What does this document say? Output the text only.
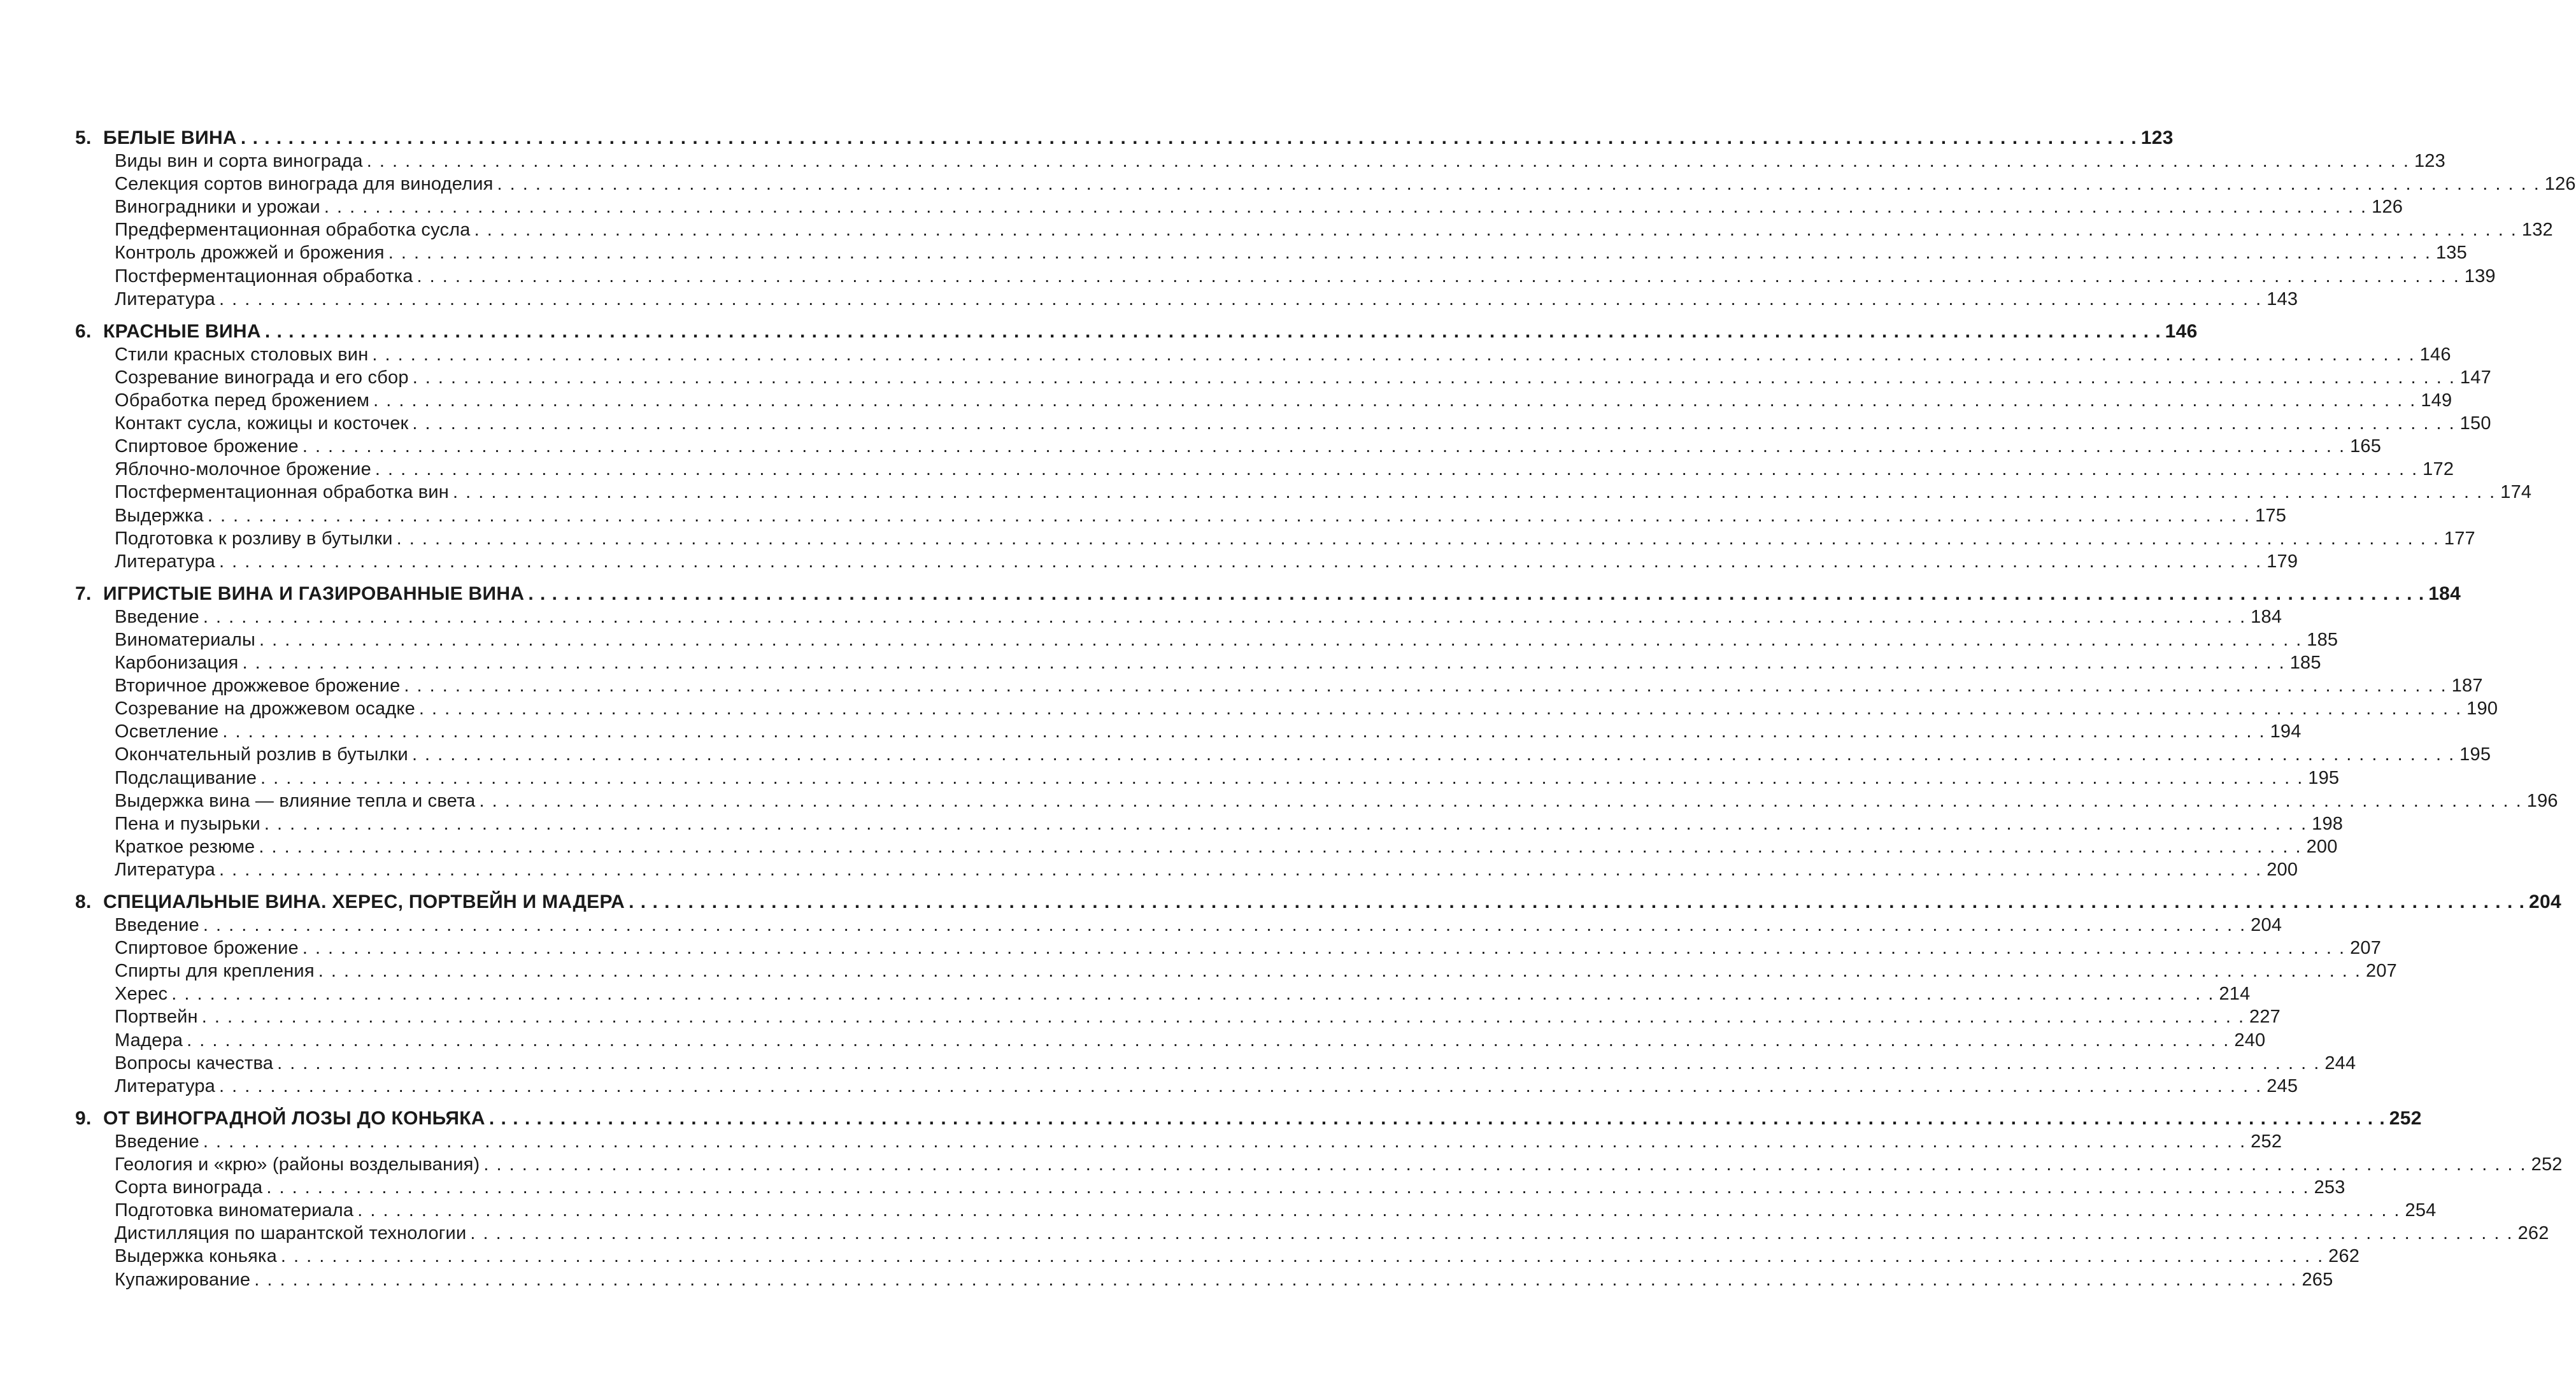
5. БЕЛЫЕ ВИНА . . . . . . . . . . . . . . . . . . . . . . . . . . . . . . . . . . . . . . . . . . . . . . . . . . . . . . . . . . . . . . . . . . . . . . . . . . . . . . . . . . . . . . . . . . . . . . . . . . . . . . . . . . . . . . . . . . . . . . . . . . . . . . . . . . . . . . . . . . . . . . . . . . . . . . . . . . . . . . . . 123
Виды вин и сорта винограда . . . . . . . . . . . . . . . . . . . . . . . . . . . . . . . . . . . . . . . . . . . . . . . . . . . . . . . . . . . . . . . . . . . . . . . . . . . . . . . . . . . . . . . . . . . . . . . . . . . . . . . . . . . . . . . . . . . . . . . . . . . . . . . . . . . . . . . . . . . . . . . . . . . . . . . . . . . . . . . . 123
Селекция сортов винограда для виноделия . . . . . . . . . . . . . . . . . . . . . . . . . . . . . . . . . . . . . . . . . . . . . . . . . . . . . . . . . . . . . . . . . . . . . . . . . . . . . . . . . . . . . . . . . . . . . . . . . . . . . . . . . . . . . . . . . . . . . . . . . . . . . . . . . . . . . . . . . . . . . . . . . . . . . . . . . . . . . . . . 126
Виноградники и урожаи . . . . . . . . . . . . . . . . . . . . . . . . . . . . . . . . . . . . . . . . . . . . . . . . . . . . . . . . . . . . . . . . . . . . . . . . . . . . . . . . . . . . . . . . . . . . . . . . . . . . . . . . . . . . . . . . . . . . . . . . . . . . . . . . . . . . . . . . . . . . . . . . . . . . . . . . . . . . . . . . 126
Предферментационная обработка сусла . . . . . . . . . . . . . . . . . . . . . . . . . . . . . . . . . . . . . . . . . . . . . . . . . . . . . . . . . . . . . . . . . . . . . . . . . . . . . . . . . . . . . . . . . . . . . . . . . . . . . . . . . . . . . . . . . . . . . . . . . . . . . . . . . . . . . . . . . . . . . . . . . . . . . . . . . . . . . . . . 132
Контроль дрожжей и брожения . . . . . . . . . . . . . . . . . . . . . . . . . . . . . . . . . . . . . . . . . . . . . . . . . . . . . . . . . . . . . . . . . . . . . . . . . . . . . . . . . . . . . . . . . . . . . . . . . . . . . . . . . . . . . . . . . . . . . . . . . . . . . . . . . . . . . . . . . . . . . . . . . . . . . . . . . . . . . . . . 135
Постферментационная обработка . . . . . . . . . . . . . . . . . . . . . . . . . . . . . . . . . . . . . . . . . . . . . . . . . . . . . . . . . . . . . . . . . . . . . . . . . . . . . . . . . . . . . . . . . . . . . . . . . . . . . . . . . . . . . . . . . . . . . . . . . . . . . . . . . . . . . . . . . . . . . . . . . . . . . . . . . . . . . . . . 139
Литература . . . . . . . . . . . . . . . . . . . . . . . . . . . . . . . . . . . . . . . . . . . . . . . . . . . . . . . . . . . . . . . . . . . . . . . . . . . . . . . . . . . . . . . . . . . . . . . . . . . . . . . . . . . . . . . . . . . . . . . . . . . . . . . . . . . . . . . . . . . . . . . . . . . . . . . . . . . . . . . . 143
6. КРАСНЫЕ ВИНА . . . . . . . . . . . . . . . . . . . . . . . . . . . . . . . . . . . . . . . . . . . . . . . . . . . . . . . . . . . . . . . . . . . . . . . . . . . . . . . . . . . . . . . . . . . . . . . . . . . . . . . . . . . . . . . . . . . . . . . . . . . . . . . . . . . . . . . . . . . . . . . . . . . . . . . . . . . . . . . . 146
Стили красных столовых вин . . . . . . . . . . . . . . . . . . . . . . . . . . . . . . . . . . . . . . . . . . . . . . . . . . . . . . . . . . . . . . . . . . . . . . . . . . . . . . . . . . . . . . . . . . . . . . . . . . . . . . . . . . . . . . . . . . . . . . . . . . . . . . . . . . . . . . . . . . . . . . . . . . . . . . . . . . . . . . . . 146
Созревание винограда и его сбор . . . . . . . . . . . . . . . . . . . . . . . . . . . . . . . . . . . . . . . . . . . . . . . . . . . . . . . . . . . . . . . . . . . . . . . . . . . . . . . . . . . . . . . . . . . . . . . . . . . . . . . . . . . . . . . . . . . . . . . . . . . . . . . . . . . . . . . . . . . . . . . . . . . . . . . . . . . . . . . . 147
Обработка перед брожением . . . . . . . . . . . . . . . . . . . . . . . . . . . . . . . . . . . . . . . . . . . . . . . . . . . . . . . . . . . . . . . . . . . . . . . . . . . . . . . . . . . . . . . . . . . . . . . . . . . . . . . . . . . . . . . . . . . . . . . . . . . . . . . . . . . . . . . . . . . . . . . . . . . . . . . . . . . . . . . . 149
Контакт сусла, кожицы и косточек . . . . . . . . . . . . . . . . . . . . . . . . . . . . . . . . . . . . . . . . . . . . . . . . . . . . . . . . . . . . . . . . . . . . . . . . . . . . . . . . . . . . . . . . . . . . . . . . . . . . . . . . . . . . . . . . . . . . . . . . . . . . . . . . . . . . . . . . . . . . . . . . . . . . . . . . . . . . . . . . 150
Спиртовое брожение . . . . . . . . . . . . . . . . . . . . . . . . . . . . . . . . . . . . . . . . . . . . . . . . . . . . . . . . . . . . . . . . . . . . . . . . . . . . . . . . . . . . . . . . . . . . . . . . . . . . . . . . . . . . . . . . . . . . . . . . . . . . . . . . . . . . . . . . . . . . . . . . . . . . . . . . . . . . . . . . 165
Яблочно-молочное брожение . . . . . . . . . . . . . . . . . . . . . . . . . . . . . . . . . . . . . . . . . . . . . . . . . . . . . . . . . . . . . . . . . . . . . . . . . . . . . . . . . . . . . . . . . . . . . . . . . . . . . . . . . . . . . . . . . . . . . . . . . . . . . . . . . . . . . . . . . . . . . . . . . . . . . . . . . . . . . . . . 172
Постферментационная обработка вин . . . . . . . . . . . . . . . . . . . . . . . . . . . . . . . . . . . . . . . . . . . . . . . . . . . . . . . . . . . . . . . . . . . . . . . . . . . . . . . . . . . . . . . . . . . . . . . . . . . . . . . . . . . . . . . . . . . . . . . . . . . . . . . . . . . . . . . . . . . . . . . . . . . . . . . . . . . . . . . . 174
Выдержка . . . . . . . . . . . . . . . . . . . . . . . . . . . . . . . . . . . . . . . . . . . . . . . . . . . . . . . . . . . . . . . . . . . . . . . . . . . . . . . . . . . . . . . . . . . . . . . . . . . . . . . . . . . . . . . . . . . . . . . . . . . . . . . . . . . . . . . . . . . . . . . . . . . . . . . . . . . . . . . . 175
Подготовка к розливу в бутылки . . . . . . . . . . . . . . . . . . . . . . . . . . . . . . . . . . . . . . . . . . . . . . . . . . . . . . . . . . . . . . . . . . . . . . . . . . . . . . . . . . . . . . . . . . . . . . . . . . . . . . . . . . . . . . . . . . . . . . . . . . . . . . . . . . . . . . . . . . . . . . . . . . . . . . . . . . . . . . . . 177
Литература . . . . . . . . . . . . . . . . . . . . . . . . . . . . . . . . . . . . . . . . . . . . . . . . . . . . . . . . . . . . . . . . . . . . . . . . . . . . . . . . . . . . . . . . . . . . . . . . . . . . . . . . . . . . . . . . . . . . . . . . . . . . . . . . . . . . . . . . . . . . . . . . . . . . . . . . . . . . . . . . 179
7. ИГРИСТЫЕ ВИНА И ГАЗИРОВАННЫЕ ВИНА . . . . . . . . . . . . . . . . . . . . . . . . . . . . . . . . . . . . . . . . . . . . . . . . . . . . . . . . . . . . . . . . . . . . . . . . . . . . . . . . . . . . . . . . . . . . . . . . . . . . . . . . . . . . . . . . . . . . . . . . . . . . . . . . . . . . . . . . . . . . . . . . . . . . . . . . . . . . . . . . 184
Введение . . . . . . . . . . . . . . . . . . . . . . . . . . . . . . . . . . . . . . . . . . . . . . . . . . . . . . . . . . . . . . . . . . . . . . . . . . . . . . . . . . . . . . . . . . . . . . . . . . . . . . . . . . . . . . . . . . . . . . . . . . . . . . . . . . . . . . . . . . . . . . . . . . . . . . . . . . . . . . . . 184
Виноматериалы . . . . . . . . . . . . . . . . . . . . . . . . . . . . . . . . . . . . . . . . . . . . . . . . . . . . . . . . . . . . . . . . . . . . . . . . . . . . . . . . . . . . . . . . . . . . . . . . . . . . . . . . . . . . . . . . . . . . . . . . . . . . . . . . . . . . . . . . . . . . . . . . . . . . . . . . . . . . . . . . 185
Карбонизация . . . . . . . . . . . . . . . . . . . . . . . . . . . . . . . . . . . . . . . . . . . . . . . . . . . . . . . . . . . . . . . . . . . . . . . . . . . . . . . . . . . . . . . . . . . . . . . . . . . . . . . . . . . . . . . . . . . . . . . . . . . . . . . . . . . . . . . . . . . . . . . . . . . . . . . . . . . . . . . . 185
Вторичное дрожжевое брожение . . . . . . . . . . . . . . . . . . . . . . . . . . . . . . . . . . . . . . . . . . . . . . . . . . . . . . . . . . . . . . . . . . . . . . . . . . . . . . . . . . . . . . . . . . . . . . . . . . . . . . . . . . . . . . . . . . . . . . . . . . . . . . . . . . . . . . . . . . . . . . . . . . . . . . . . . . . . . . . . 187
Созревание на дрожжевом осадке . . . . . . . . . . . . . . . . . . . . . . . . . . . . . . . . . . . . . . . . . . . . . . . . . . . . . . . . . . . . . . . . . . . . . . . . . . . . . . . . . . . . . . . . . . . . . . . . . . . . . . . . . . . . . . . . . . . . . . . . . . . . . . . . . . . . . . . . . . . . . . . . . . . . . . . . . . . . . . . . 190
Осветление . . . . . . . . . . . . . . . . . . . . . . . . . . . . . . . . . . . . . . . . . . . . . . . . . . . . . . . . . . . . . . . . . . . . . . . . . . . . . . . . . . . . . . . . . . . . . . . . . . . . . . . . . . . . . . . . . . . . . . . . . . . . . . . . . . . . . . . . . . . . . . . . . . . . . . . . . . . . . . . . 194
Окончательный розлив в бутылки . . . . . . . . . . . . . . . . . . . . . . . . . . . . . . . . . . . . . . . . . . . . . . . . . . . . . . . . . . . . . . . . . . . . . . . . . . . . . . . . . . . . . . . . . . . . . . . . . . . . . . . . . . . . . . . . . . . . . . . . . . . . . . . . . . . . . . . . . . . . . . . . . . . . . . . . . . . . . . . . 195
Подслащивание . . . . . . . . . . . . . . . . . . . . . . . . . . . . . . . . . . . . . . . . . . . . . . . . . . . . . . . . . . . . . . . . . . . . . . . . . . . . . . . . . . . . . . . . . . . . . . . . . . . . . . . . . . . . . . . . . . . . . . . . . . . . . . . . . . . . . . . . . . . . . . . . . . . . . . . . . . . . . . . . 195
Выдержка вина — влияние тепла и света . . . . . . . . . . . . . . . . . . . . . . . . . . . . . . . . . . . . . . . . . . . . . . . . . . . . . . . . . . . . . . . . . . . . . . . . . . . . . . . . . . . . . . . . . . . . . . . . . . . . . . . . . . . . . . . . . . . . . . . . . . . . . . . . . . . . . . . . . . . . . . . . . . . . . . . . . . . . . . . . 196
Пена и пузырьки . . . . . . . . . . . . . . . . . . . . . . . . . . . . . . . . . . . . . . . . . . . . . . . . . . . . . . . . . . . . . . . . . . . . . . . . . . . . . . . . . . . . . . . . . . . . . . . . . . . . . . . . . . . . . . . . . . . . . . . . . . . . . . . . . . . . . . . . . . . . . . . . . . . . . . . . . . . . . . . . 198
Краткое резюме . . . . . . . . . . . . . . . . . . . . . . . . . . . . . . . . . . . . . . . . . . . . . . . . . . . . . . . . . . . . . . . . . . . . . . . . . . . . . . . . . . . . . . . . . . . . . . . . . . . . . . . . . . . . . . . . . . . . . . . . . . . . . . . . . . . . . . . . . . . . . . . . . . . . . . . . . . . . . . . . 200
Литература . . . . . . . . . . . . . . . . . . . . . . . . . . . . . . . . . . . . . . . . . . . . . . . . . . . . . . . . . . . . . . . . . . . . . . . . . . . . . . . . . . . . . . . . . . . . . . . . . . . . . . . . . . . . . . . . . . . . . . . . . . . . . . . . . . . . . . . . . . . . . . . . . . . . . . . . . . . . . . . . 200
8. СПЕЦИАЛЬНЫЕ ВИНА. ХЕРЕС, ПОРТВЕЙН И МАДЕРА . . . . . . . . . . . . . . . . . . . . . . . . . . . . . . . . . . . . . . . . . . . . . . . . . . . . . . . . . . . . . . . . . . . . . . . . . . . . . . . . . . . . . . . . . . . . . . . . . . . . . . . . . . . . . . . . . . . . . . . . . . . . . . . . . . . . . . . . . . . . . . . . . . . . . . . . . . . . . . . . 204
Введение . . . . . . . . . . . . . . . . . . . . . . . . . . . . . . . . . . . . . . . . . . . . . . . . . . . . . . . . . . . . . . . . . . . . . . . . . . . . . . . . . . . . . . . . . . . . . . . . . . . . . . . . . . . . . . . . . . . . . . . . . . . . . . . . . . . . . . . . . . . . . . . . . . . . . . . . . . . . . . . . 204
Спиртовое брожение . . . . . . . . . . . . . . . . . . . . . . . . . . . . . . . . . . . . . . . . . . . . . . . . . . . . . . . . . . . . . . . . . . . . . . . . . . . . . . . . . . . . . . . . . . . . . . . . . . . . . . . . . . . . . . . . . . . . . . . . . . . . . . . . . . . . . . . . . . . . . . . . . . . . . . . . . . . . . . . . 207
Спирты для крепления . . . . . . . . . . . . . . . . . . . . . . . . . . . . . . . . . . . . . . . . . . . . . . . . . . . . . . . . . . . . . . . . . . . . . . . . . . . . . . . . . . . . . . . . . . . . . . . . . . . . . . . . . . . . . . . . . . . . . . . . . . . . . . . . . . . . . . . . . . . . . . . . . . . . . . . . . . . . . . . . 207
Херес . . . . . . . . . . . . . . . . . . . . . . . . . . . . . . . . . . . . . . . . . . . . . . . . . . . . . . . . . . . . . . . . . . . . . . . . . . . . . . . . . . . . . . . . . . . . . . . . . . . . . . . . . . . . . . . . . . . . . . . . . . . . . . . . . . . . . . . . . . . . . . . . . . . . . . . . . . . . . . . . 214
Портвейн . . . . . . . . . . . . . . . . . . . . . . . . . . . . . . . . . . . . . . . . . . . . . . . . . . . . . . . . . . . . . . . . . . . . . . . . . . . . . . . . . . . . . . . . . . . . . . . . . . . . . . . . . . . . . . . . . . . . . . . . . . . . . . . . . . . . . . . . . . . . . . . . . . . . . . . . . . . . . . . . 227
Мадера . . . . . . . . . . . . . . . . . . . . . . . . . . . . . . . . . . . . . . . . . . . . . . . . . . . . . . . . . . . . . . . . . . . . . . . . . . . . . . . . . . . . . . . . . . . . . . . . . . . . . . . . . . . . . . . . . . . . . . . . . . . . . . . . . . . . . . . . . . . . . . . . . . . . . . . . . . . . . . . . 240
Вопросы качества . . . . . . . . . . . . . . . . . . . . . . . . . . . . . . . . . . . . . . . . . . . . . . . . . . . . . . . . . . . . . . . . . . . . . . . . . . . . . . . . . . . . . . . . . . . . . . . . . . . . . . . . . . . . . . . . . . . . . . . . . . . . . . . . . . . . . . . . . . . . . . . . . . . . . . . . . . . . . . . . 244
Литература . . . . . . . . . . . . . . . . . . . . . . . . . . . . . . . . . . . . . . . . . . . . . . . . . . . . . . . . . . . . . . . . . . . . . . . . . . . . . . . . . . . . . . . . . . . . . . . . . . . . . . . . . . . . . . . . . . . . . . . . . . . . . . . . . . . . . . . . . . . . . . . . . . . . . . . . . . . . . . . . 245
9. ОТ ВИНОГРАДНОЙ ЛОЗЫ ДО КОНЬЯКА . . . . . . . . . . . . . . . . . . . . . . . . . . . . . . . . . . . . . . . . . . . . . . . . . . . . . . . . . . . . . . . . . . . . . . . . . . . . . . . . . . . . . . . . . . . . . . . . . . . . . . . . . . . . . . . . . . . . . . . . . . . . . . . . . . . . . . . . . . . . . . . . . . . . . . . . . . . . . . . . 252
Введение . . . . . . . . . . . . . . . . . . . . . . . . . . . . . . . . . . . . . . . . . . . . . . . . . . . . . . . . . . . . . . . . . . . . . . . . . . . . . . . . . . . . . . . . . . . . . . . . . . . . . . . . . . . . . . . . . . . . . . . . . . . . . . . . . . . . . . . . . . . . . . . . . . . . . . . . . . . . . . . . 252
Геология и «крю» (районы возделывания) . . . . . . . . . . . . . . . . . . . . . . . . . . . . . . . . . . . . . . . . . . . . . . . . . . . . . . . . . . . . . . . . . . . . . . . . . . . . . . . . . . . . . . . . . . . . . . . . . . . . . . . . . . . . . . . . . . . . . . . . . . . . . . . . . . . . . . . . . . . . . . . . . . . . . . . . . . . . . . . . 252
Сорта винограда . . . . . . . . . . . . . . . . . . . . . . . . . . . . . . . . . . . . . . . . . . . . . . . . . . . . . . . . . . . . . . . . . . . . . . . . . . . . . . . . . . . . . . . . . . . . . . . . . . . . . . . . . . . . . . . . . . . . . . . . . . . . . . . . . . . . . . . . . . . . . . . . . . . . . . . . . . . . . . . . 253
Подготовка виноматериала . . . . . . . . . . . . . . . . . . . . . . . . . . . . . . . . . . . . . . . . . . . . . . . . . . . . . . . . . . . . . . . . . . . . . . . . . . . . . . . . . . . . . . . . . . . . . . . . . . . . . . . . . . . . . . . . . . . . . . . . . . . . . . . . . . . . . . . . . . . . . . . . . . . . . . . . . . . . . . . . 254
Дистилляция по шарантской технологии . . . . . . . . . . . . . . . . . . . . . . . . . . . . . . . . . . . . . . . . . . . . . . . . . . . . . . . . . . . . . . . . . . . . . . . . . . . . . . . . . . . . . . . . . . . . . . . . . . . . . . . . . . . . . . . . . . . . . . . . . . . . . . . . . . . . . . . . . . . . . . . . . . . . . . . . . . . . . . . . 262
Выдержка коньяка . . . . . . . . . . . . . . . . . . . . . . . . . . . . . . . . . . . . . . . . . . . . . . . . . . . . . . . . . . . . . . . . . . . . . . . . . . . . . . . . . . . . . . . . . . . . . . . . . . . . . . . . . . . . . . . . . . . . . . . . . . . . . . . . . . . . . . . . . . . . . . . . . . . . . . . . . . . . . . . . 262
Купажирование . . . . . . . . . . . . . . . . . . . . . . . . . . . . . . . . . . . . . . . . . . . . . . . . . . . . . . . . . . . . . . . . . . . . . . . . . . . . . . . . . . . . . . . . . . . . . . . . . . . . . . . . . . . . . . . . . . . . . . . . . . . . . . . . . . . . . . . . . . . . . . . . . . . . . . . . . . . . . . . . 265
